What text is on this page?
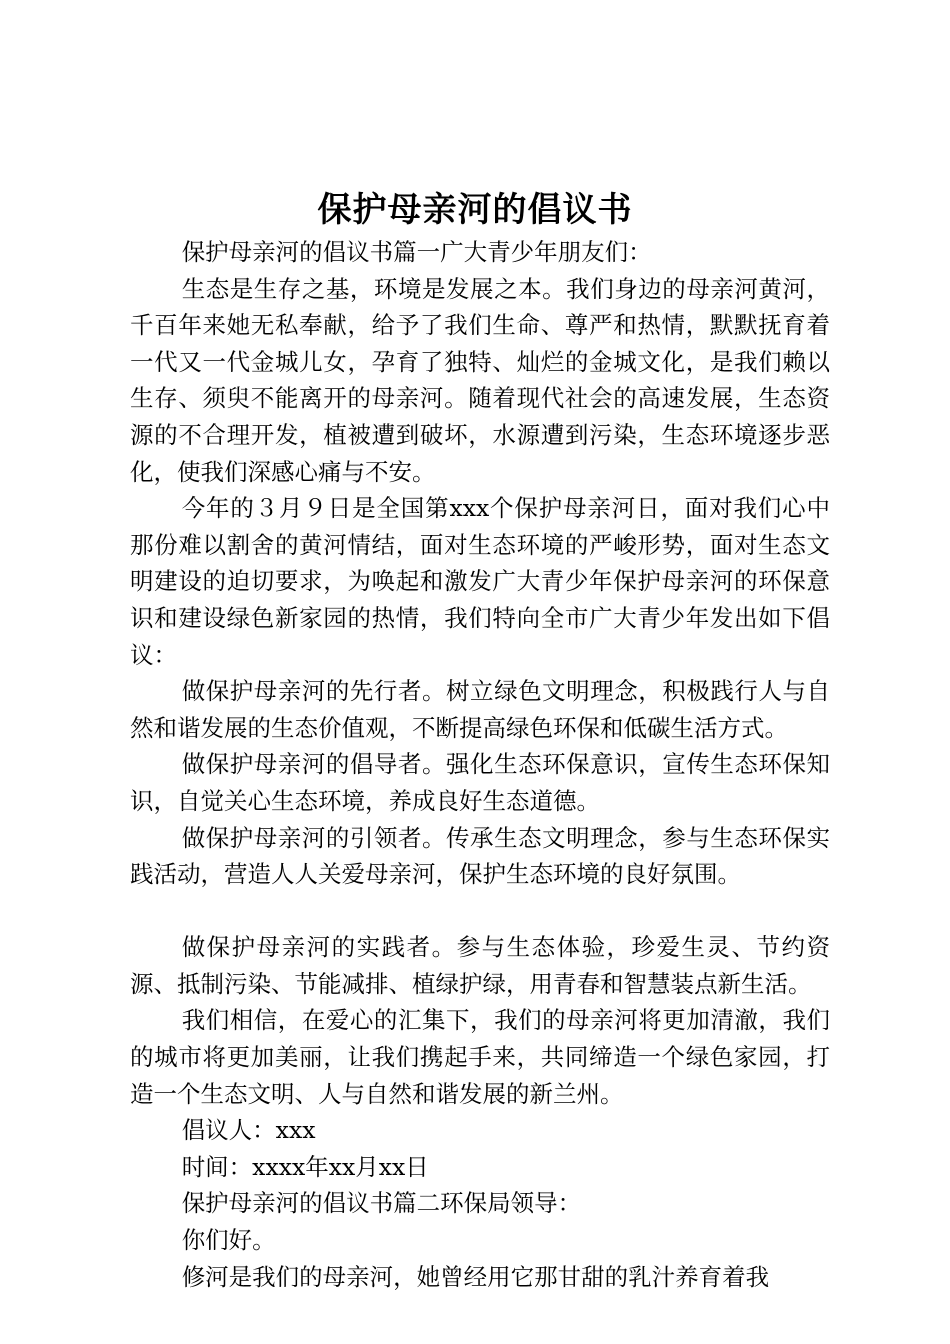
保护母亲河的倡议书

保护母亲河的倡议书篇一广大青少年朋友们：

生态是生存之基，环境是发展之本。我们身边的母亲河黄河，千百年来她无私奉献，给予了我们生命、尊严和热情，默默抚育着一代又一代金城儿女，孕育了独特、灿烂的金城文化，是我们赖以生存、须臾不能离开的母亲河。随着现代社会的高速发展，生态资源的不合理开发，植被遭到破坏，水源遭到污染，生态环境逐步恶化，使我们深感心痛与不安。

今年的３月９日是全国第xxx个保护母亲河日，面对我们心中那份难以割舍的黄河情结，面对生态环境的严峻形势，面对生态文明建设的迫切要求，为唤起和激发广大青少年保护母亲河的环保意识和建设绿色新家园的热情，我们特向全市广大青少年发出如下倡议：

做保护母亲河的先行者。树立绿色文明理念，积极践行人与自然和谐发展的生态价值观，不断提高绿色环保和低碳生活方式。

做保护母亲河的倡导者。强化生态环保意识，宣传生态环保知识，自觉关心生态环境，养成良好生态道德。

做保护母亲河的引领者。传承生态文明理念，参与生态环保实践活动，营造人人关爱母亲河，保护生态环境的良好氛围。

做保护母亲河的实践者。参与生态体验，珍爱生灵、节约资源、抵制污染、节能减排、植绿护绿，用青春和智慧装点新生活。

我们相信，在爱心的汇集下，我们的母亲河将更加清澈，我们的城市将更加美丽，让我们携起手来，共同缔造一个绿色家园，打造一个生态文明、人与自然和谐发展的新兰州。

倡议人：xxx

时间：xxxx年xx月xx日

保护母亲河的倡议书篇二环保局领导：

你们好。

修河是我们的母亲河，她曾经用它那甘甜的乳汁养育着我
